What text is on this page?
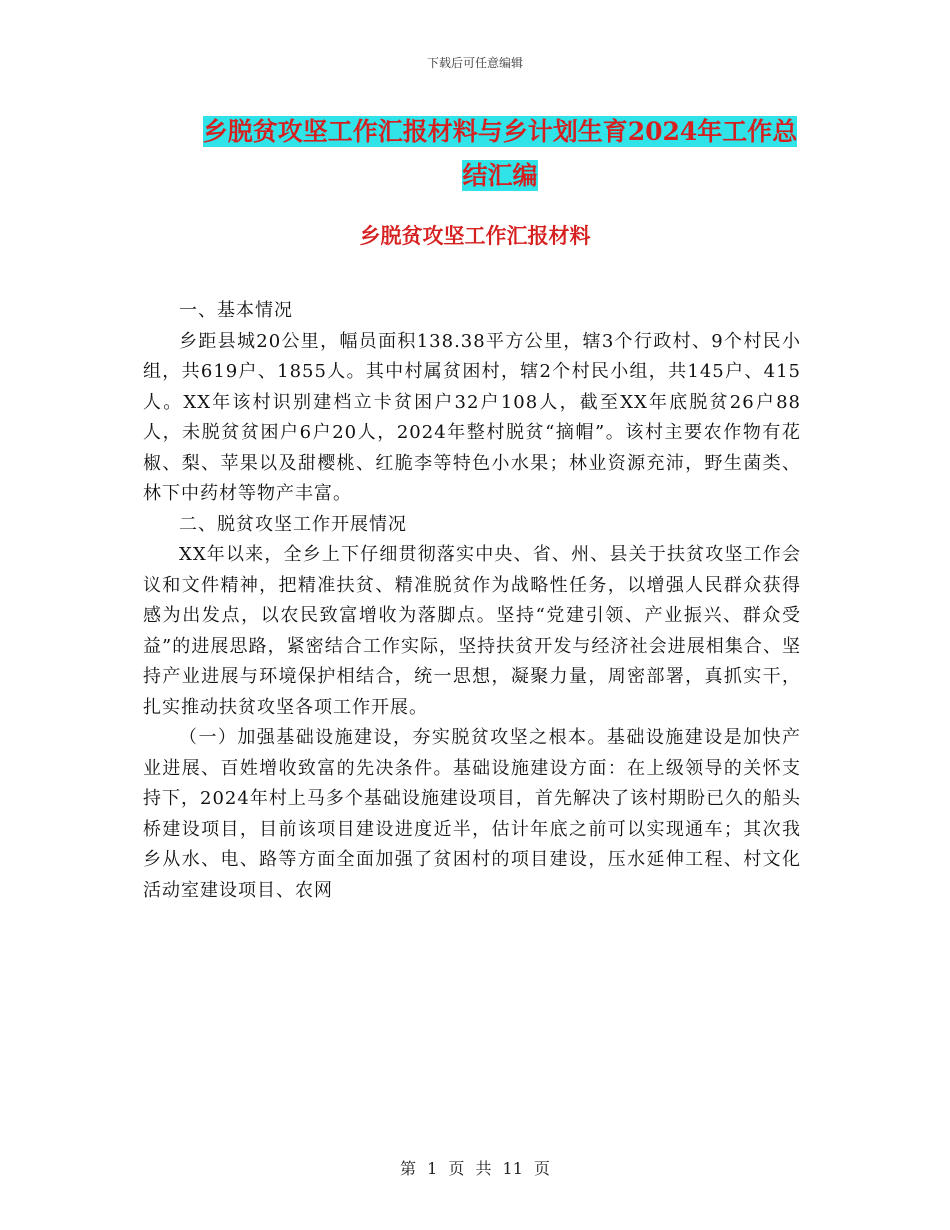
下载后可任意编辑
乡脱贫攻坚工作汇报材料与乡计划生育2024年工作总
结汇编
乡脱贫攻坚工作汇报材料

一、基本情况

乡距县城20公里，幅员面积138.38平方公里，辖3个行政村、9个村民小组，共619户、1855人。其中村属贫困村，辖2个村民小组，共145户、415人。XX年该村识别建档立卡贫困户32户108人，截至XX年底脱贫26户88人，未脱贫贫困户6户20人，2024年整村脱贫“摘帽”。该村主要农作物有花椒、梨、苹果以及甜樱桃、红脆李等特色小水果；林业资源充沛，野生菌类、林下中药材等物产丰富。

二、脱贫攻坚工作开展情况

XX年以来，全乡上下仔细贯彻落实中央、省、州、县关于扶贫攻坚工作会议和文件精神，把精准扶贫、精准脱贫作为战略性任务，以增强人民群众获得感为出发点，以农民致富增收为落脚点。坚持“党建引领、产业振兴、群众受益”的进展思路，紧密结合工作实际，坚持扶贫开发与经济社会进展相集合、坚持产业进展与环境保护相结合，统一思想，凝聚力量，周密部署，真抓实干，扎实推动扶贫攻坚各项工作开展。

（一）加强基础设施建设，夯实脱贫攻坚之根本。基础设施建设是加快产业进展、百姓增收致富的先决条件。基础设施建设方面：在上级领导的关怀支持下，2024年村上马多个基础设施建设项目，首先解决了该村期盼已久的船头桥建设项目，目前该项目建设进度近半，估计年底之前可以实现通车；其次我乡从水、电、路等方面全面加强了贫困村的项目建设，压水延伸工程、村文化活动室建设项目、农网

第 1 页 共 11 页
